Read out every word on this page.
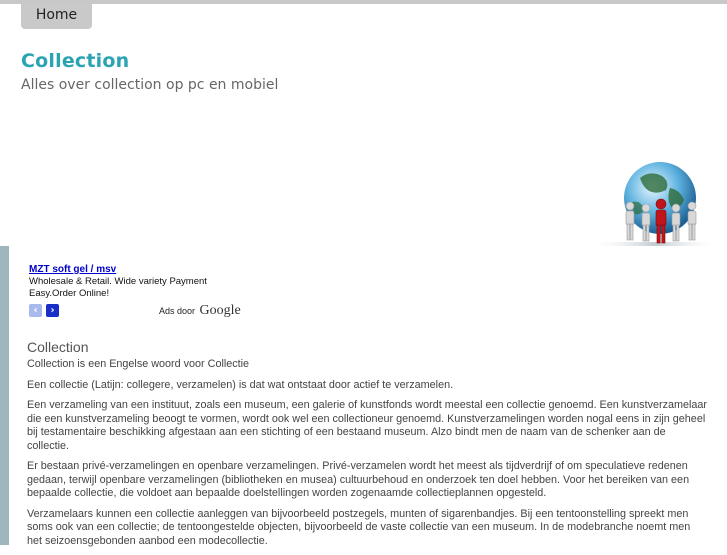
Home
Collection
Alles over collection op pc en mobiel
MZT soft gel / msv
Wholesale & Retail. Wide variety Payment
Easy.Order Online!
‹	›	Ads door Google
Collection

Collection is een Engelse woord voor Collectie

Een collectie (Latijn: collegere, verzamelen) is dat wat ontstaat door actief te verzamelen.

Een verzameling van een instituut, zoals een museum, een galerie of kunstfonds wordt meestal een collectie genoemd. Een kunstverzamelaar die een kunstverzameling beoogt te vormen, wordt ook wel een collectioneur genoemd. Kunstverzamelingen worden nogal eens in zijn geheel bij testamentaire beschikking afgestaan aan een stichting of een bestaand museum. Alzo bindt men de naam van de schenker aan de collectie.

Er bestaan privé-verzamelingen en openbare verzamelingen. Privé-verzamelen wordt het meest als tijdverdrijf of om speculatieve redenen gedaan, terwijl openbare verzamelingen (bibliotheken en musea) cultuurbehoud en onderzoek ten doel hebben. Voor het bereiken van een bepaalde collectie, die voldoet aan bepaalde doelstellingen worden zogenaamde collectieplannen opgesteld.

Verzamelaars kunnen een collectie aanleggen van bijvoorbeeld postzegels, munten of sigarenbandjes. Bij een tentoonstelling spreekt men soms ook van een collectie; de tentoongestelde objecten, bijvoorbeeld de vaste collectie van een museum. In de modebranche noemt men het seizoensgebonden aanbod een modecollectie.
